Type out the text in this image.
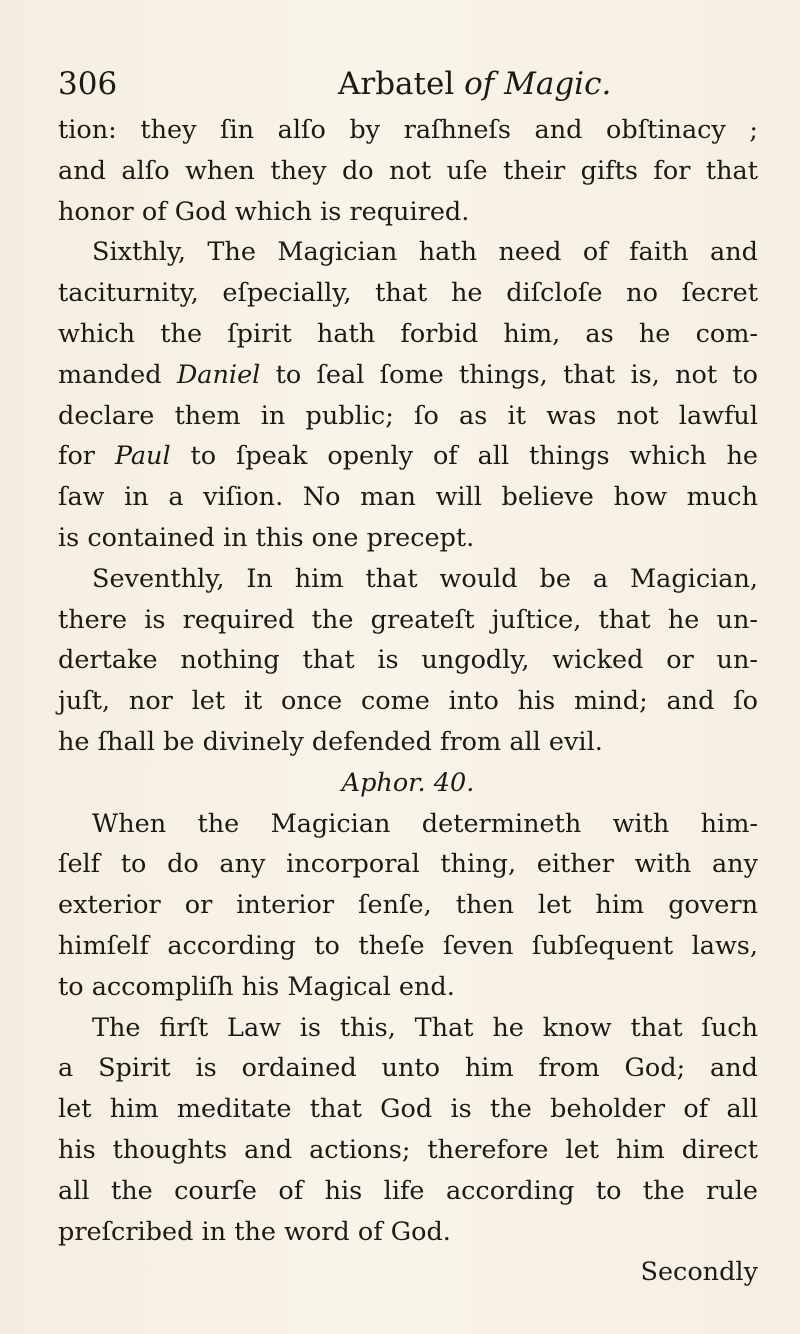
306	Arbatel of Magic.
tion: they ſin alſo by raſhneſs and obſtinacy ;
and alſo when they do not uſe their gifts for that
honor of God which is required.
Sixthly, The Magician hath need of faith and
taciturnity, eſpecially, that he diſcloſe no ſecret
which the ſpirit hath forbid him, as he com-
manded Daniel to ſeal ſome things, that is, not to
declare them in public; ſo as it was not lawful
for Paul to ſpeak openly of all things which he
ſaw in a viſion. No man will believe how much
is contained in this one precept.
Seventhly, In him that would be a Magician,
there is required the greateſt juſtice, that he un-
dertake nothing that is ungodly, wicked or un-
juſt, nor let it once come into his mind; and ſo
he ſhall be divinely defended from all evil.
Aphor. 40.
When the Magician determineth with him-
ſelf to do any incorporal thing, either with any
exterior or interior ſenſe, then let him govern
himſelf according to theſe ſeven ſubſequent laws,
to accompliſh his Magical end.
The firſt Law is this, That he know that ſuch
a Spirit is ordained unto him from God; and
let him meditate that God is the beholder of all
his thoughts and actions; therefore let him direct
all the courſe of his life according to the rule
preſcribed in the word of God.
Secondly
